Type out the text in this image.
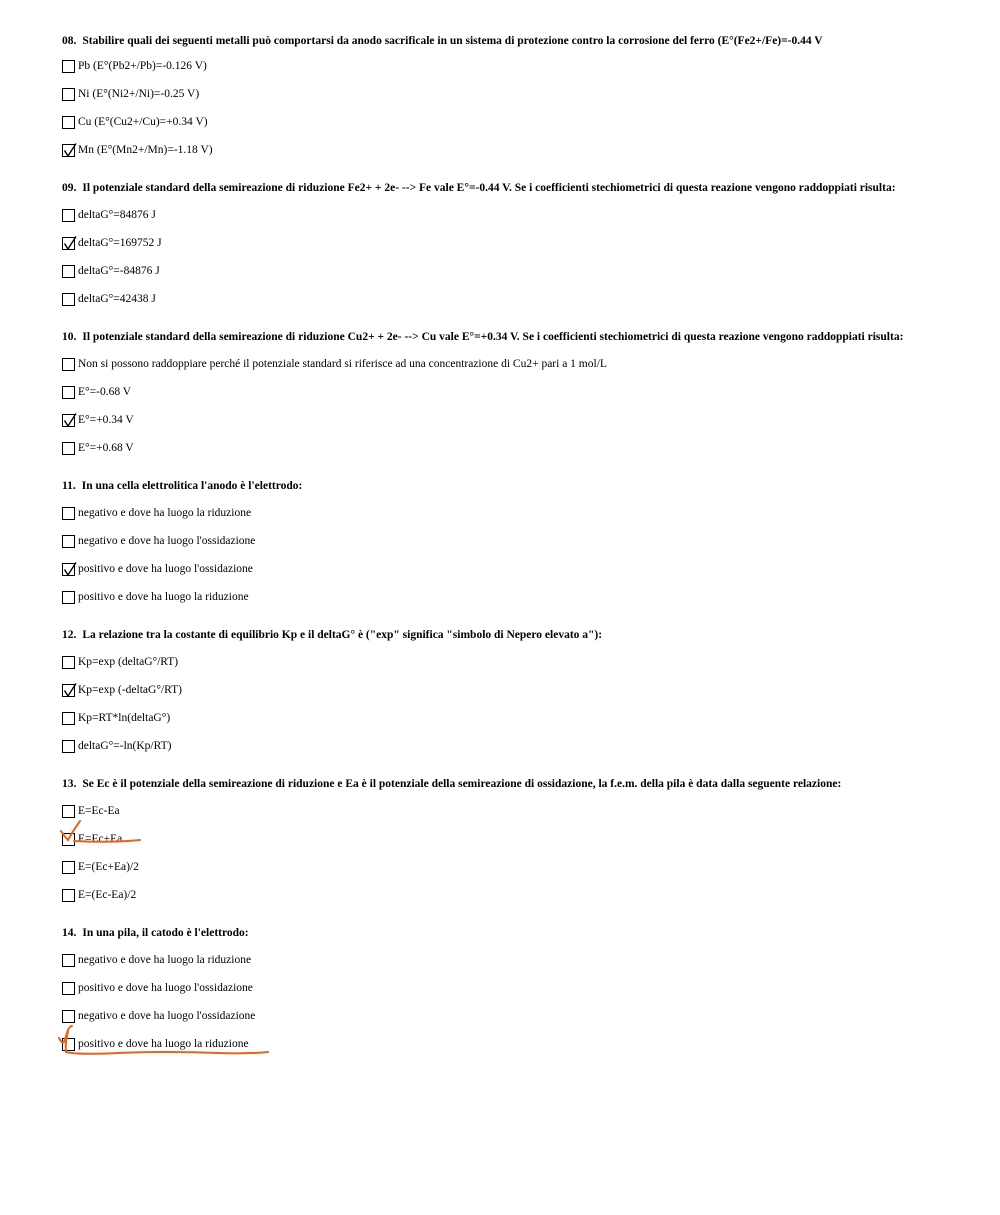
08. Stabilire quali dei seguenti metalli può comportarsi da anodo sacrificale in un sistema di protezione contro la corrosione del ferro (E°(Fe2+/Fe)=-0.44 V
Pb (E°(Pb2+/Pb)=-0.126 V)
Ni (E°(Ni2+/Ni)=-0.25 V)
Cu (E°(Cu2+/Cu)=+0.34 V)
Mn (E°(Mn2+/Mn)=-1.18 V)
09. Il potenziale standard della semireazione di riduzione Fe2+ + 2e- --> Fe vale E°=-0.44 V. Se i coefficienti stechiometrici di questa reazione vengono raddoppiati risulta:
deltaG°=84876 J
deltaG°=169752 J
deltaG°=-84876 J
deltaG°=42438 J
10. Il potenziale standard della semireazione di riduzione Cu2+ + 2e- --> Cu vale E°=+0.34 V. Se i coefficienti stechiometrici di questa reazione vengono raddoppiati risulta:
Non si possono raddoppiare perché il potenziale standard si riferisce ad una concentrazione di Cu2+ pari a 1 mol/L
E°=-0.68 V
E°=+0.34 V
E°=+0.68 V
11. In una cella elettrolitica l'anodo è l'elettrodo:
negativo e dove ha luogo la riduzione
negativo e dove ha luogo l'ossidazione
positivo e dove ha luogo l'ossidazione
positivo e dove ha luogo la riduzione
12. La relazione tra la costante di equilibrio Kp e il deltaG° è ("exp" significa "simbolo di Nepero elevato a"):
Kp=exp (deltaG°/RT)
Kp=exp (-deltaG°/RT)
Kp=RT*ln(deltaG°)
deltaG°=-ln(Kp/RT)
13. Se Ec è il potenziale della semireazione di riduzione e Ea è il potenziale della semireazione di ossidazione, la f.e.m. della pila è data dalla seguente relazione:
E=Ec-Ea
E=Ec+Ea
E=(Ec+Ea)/2
E=(Ec-Ea)/2
14. In una pila, il catodo è l'elettrodo:
negativo e dove ha luogo la riduzione
positivo e dove ha luogo l'ossidazione
negativo e dove ha luogo l'ossidazione
positivo e dove ha luogo la riduzione
